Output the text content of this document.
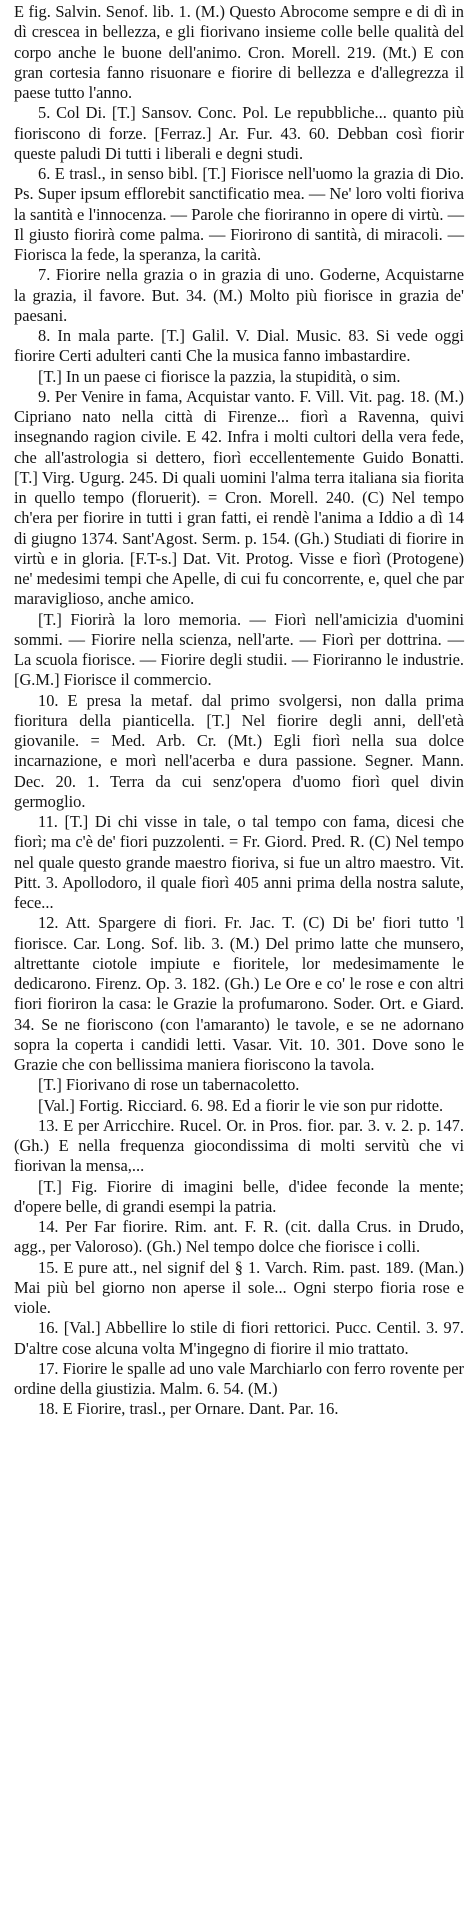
E fig. Salvin. Senof. lib. 1. (M.) Questo Abrocome sempre e di dì in dì crescea in bellezza, e gli fiorivano insieme colle belle qualità del corpo anche le buone dell'animo. Cron. Morell. 219. (Mt.) E con gran cortesia fanno risuonare e fiorire di bellezza e d'allegrezza il paese tutto l'anno.

5. Col Di. [T.] Sansov. Conc. Pol. Le repubbliche... quanto più fioriscono di forze. [Ferraz.] Ar. Fur. 43. 60. Debban così fiorir queste paludi Di tutti i liberali e degni studi.

6. E trasl., in senso bibl. [T.] Fiorisce nell'uomo la grazia di Dio. Ps. Super ipsum efflorebit sanctificatio mea. — Ne' loro volti fioriva la santità e l'innocenza. — Parole che fioriranno in opere di virtù. — Il giusto fiorirà come palma. — Fiorirono di santità, di miracoli. — Fiorisca la fede, la speranza, la carità.

7. Fiorire nella grazia o in grazia di uno. Goderne, Acquistarne la grazia, il favore. But. 34. (M.) Molto più fiorisce in grazia de' paesani.

8. In mala parte. [T.] Galil. V. Dial. Music. 83. Si vede oggi fiorire Certi adulteri canti Che la musica fanno imbastardire.

[T.] In un paese ci fiorisce la pazzia, la stupidità, o sim.

9. Per Venire in fama, Acquistar vanto. F. Vill. Vit. pag. 18. (M.) Cipriano nato nella città di Firenze... fiorì a Ravenna, quivi insegnando ragion civile. E 42. Infra i molti cultori della vera fede, che all'astrologia si dettero, fiorì eccellentemente Guido Bonatti. [T.] Virg. Ugurg. 245. Di quali uomini l'alma terra italiana sia fiorita in quello tempo (floruerit). = Cron. Morell. 240. (C) Nel tempo ch'era per fiorire in tutti i gran fatti, ei rendè l'anima a Iddio a dì 14 di giugno 1374. Sant'Agost. Serm. p. 154. (Gh.) Studiati di fiorire in virtù e in gloria. [F.T-s.] Dat. Vit. Protog. Visse e fiorì (Protogene) ne' medesimi tempi che Apelle, di cui fu concorrente, e, quel che par maraviglioso, anche amico.

[T.] Fiorirà la loro memoria. — Fiorì nell'amicizia d'uomini sommi. — Fiorire nella scienza, nell'arte. — Fiorì per dottrina. — La scuola fiorisce. — Fiorire degli studii. — Fioriranno le industrie. [G.M.] Fiorisce il commercio.

10. E presa la metaf. dal primo svolgersi, non dalla prima fioritura della pianticella. [T.] Nel fiorire degli anni, dell'età giovanile. = Med. Arb. Cr. (Mt.) Egli fiorì nella sua dolce incarnazione, e morì nell'acerba e dura passione. Segner. Mann. Dec. 20. 1. Terra da cui senz'opera d'uomo fiorì quel divin germoglio.

11. [T.] Di chi visse in tale, o tal tempo con fama, dicesi che fiorì; ma c'è de' fiori puzzolenti. = Fr. Giord. Pred. R. (C) Nel tempo nel quale questo grande maestro fioriva, si fue un altro maestro. Vit. Pitt. 3. Apollodoro, il quale fiorì 405 anni prima della nostra salute, fece...

12. Att. Spargere di fiori. Fr. Jac. T. (C) Di be' fiori tutto 'l fiorisce. Car. Long. Sof. lib. 3. (M.) Del primo latte che munsero, altrettante ciotole impiute e fioritele, lor medesimamente le dedicarono. Firenz. Op. 3. 182. (Gh.) Le Ore e co' le rose e con altri fiori fioriron la casa: le Grazie la profumarono. Soder. Ort. e Giard. 34. Se ne fioriscono (con l'amaranto) le tavole, e se ne adornano sopra la coperta i candidi letti. Vasar. Vit. 10. 301. Dove sono le Grazie che con bellissima maniera fioriscono la tavola.

[T.] Fiorivano di rose un tabernacoletto.

[Val.] Fortig. Ricciard. 6. 98. Ed a fiorir le vie son pur ridotte.

13. E per Arricchire. Rucel. Or. in Pros. fior. par. 3. v. 2. p. 147. (Gh.) E nella frequenza giocondissima di molti servitù che vi fiorivan la mensa,...

[T.] Fig. Fiorire di imagini belle, d'idee feconde la mente; d'opere belle, di grandi esempi la patria.

14. Per Far fiorire. Rim. ant. F. R. (cit. dalla Crus. in Drudo, agg., per Valoroso). (Gh.) Nel tempo dolce che fiorisce i colli.

15. E pure att., nel signif del § 1. Varch. Rim. past. 189. (Man.) Mai più bel giorno non aperse il sole... Ogni sterpo fioria rose e viole.

16. [Val.] Abbellire lo stile di fiori rettorici. Pucc. Centil. 3. 97. D'altre cose alcuna volta M'ingegno di fiorire il mio trattato.

17. Fiorire le spalle ad uno vale Marchiarlo con ferro rovente per ordine della giustizia. Malm. 6. 54. (M.)

18. E Fiorire, trasl., per Ornare. Dant. Par. 16.
